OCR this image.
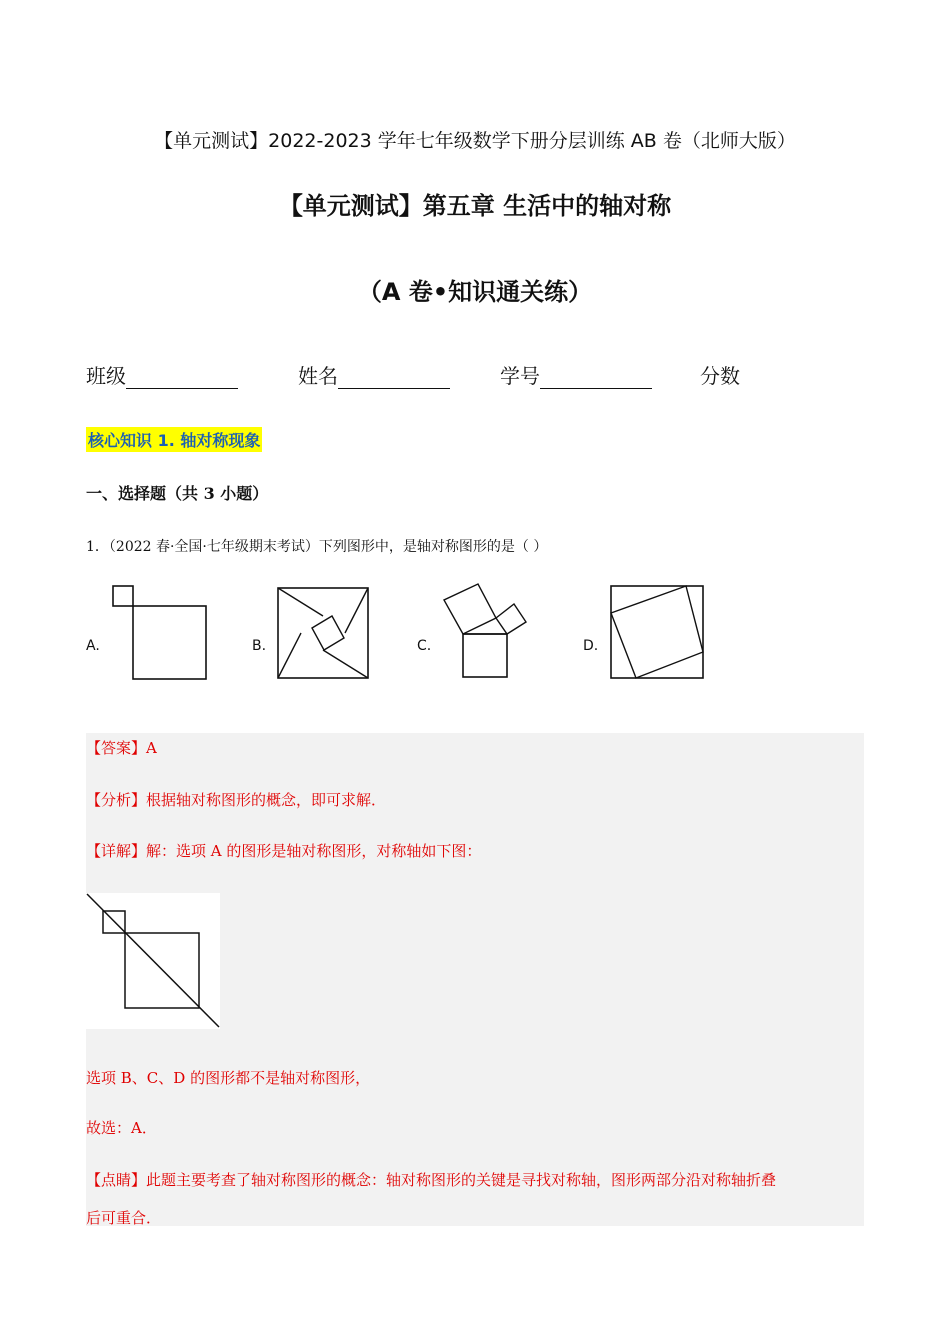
【单元测试】2022-2023 学年七年级数学下册分层训练 AB 卷（北师大版）
【单元测试】第五章 生活中的轴对称
（A 卷•知识通关练）
班级	姓名	学号	分数
核心知识 1. 轴对称现象
一、选择题（共 3 小题）
1．（2022 春·全国·七年级期末考试）下列图形中，是轴对称图形的是（ ）
A.	B.	C.	D.
【答案】A
【分析】根据轴对称图形的概念，即可求解．
【详解】解：选项 A 的图形是轴对称图形，对称轴如下图：
选项 B、C、D 的图形都不是轴对称图形，
故选：A．
【点睛】此题主要考查了轴对称图形的概念：轴对称图形的关键是寻找对称轴，图形两部分沿对称轴折叠
后可重合．
